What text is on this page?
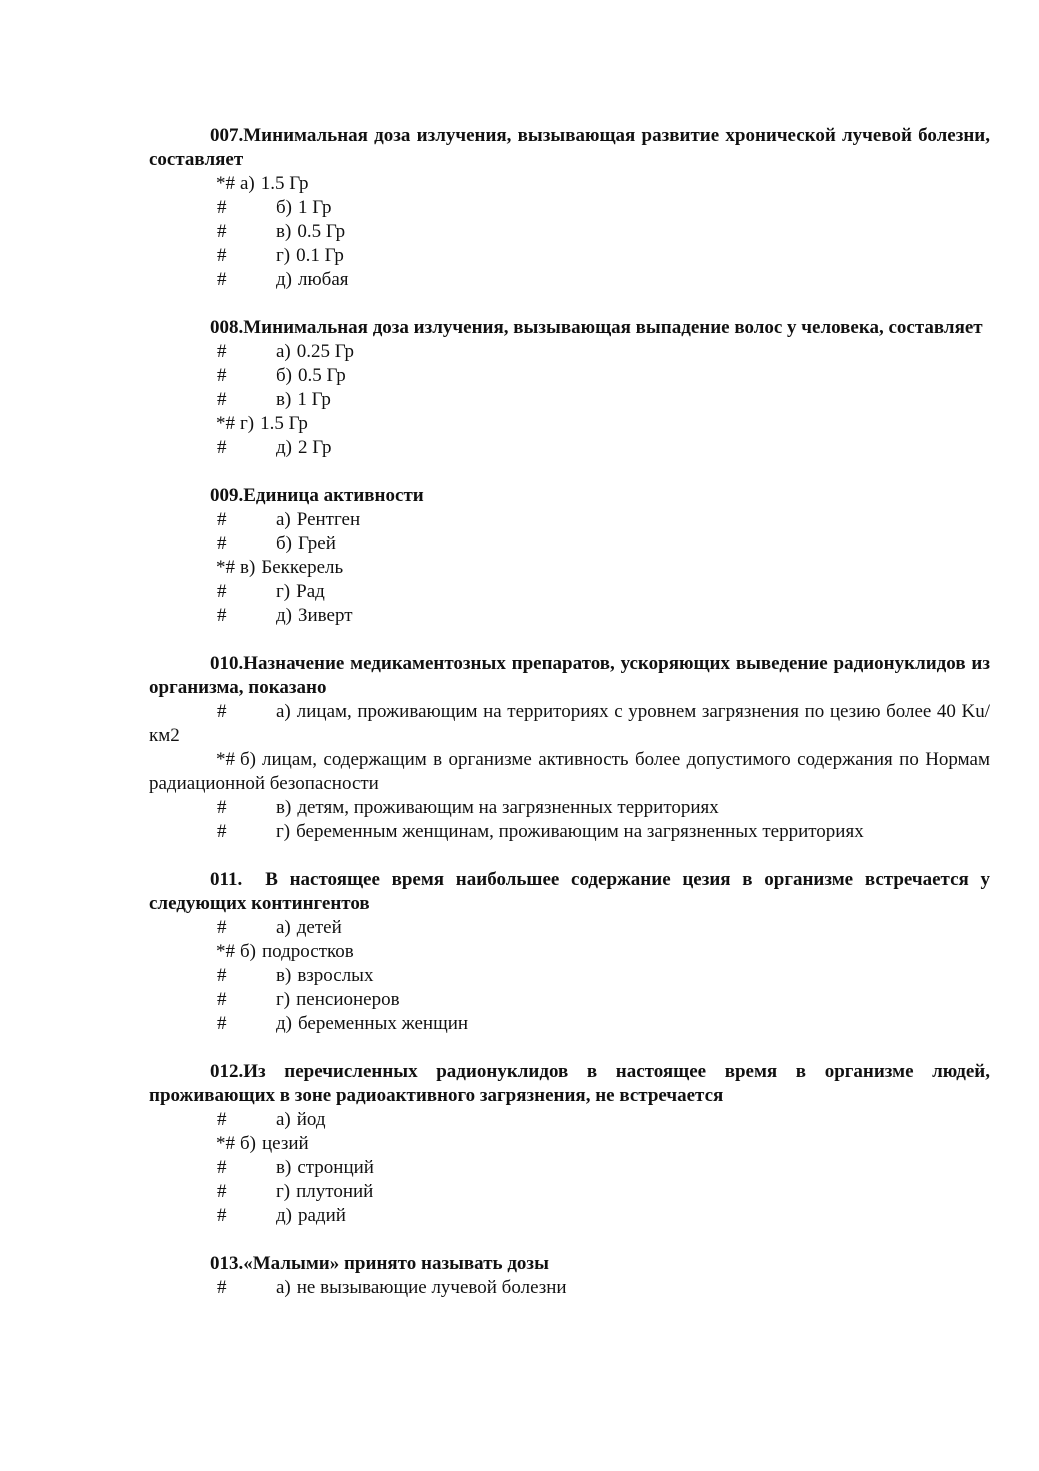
007.Минимальная доза излучения, вызывающая развитие хронической лучевой болезни, составляет
*# а) 1.5 Гр
#	б) 1 Гр
#	в) 0.5 Гр
#	г) 0.1 Гр
#	д) любая
008.Минимальная доза излучения, вызывающая выпадение волос у человека, составляет
#	а) 0.25 Гр
#	б) 0.5 Гр
#	в) 1 Гр
*# г) 1.5 Гр
#	д) 2 Гр
009.Единица активности
#	а) Рентген
#	б) Грей
*# в) Беккерель
#	г) Рад
#	д) Зиверт
010.Назначение медикаментозных препаратов, ускоряющих выведение радионуклидов из организма, показано
#	а) лицам, проживающим на территориях с уровнем загрязнения по цезию более 40 Ku/км2
*# б) лицам, содержащим в организме активность более допустимого содержания по Нормам радиационной безопасности
#	в) детям, проживающим на загрязненных территориях
#	г) беременным женщинам, проживающим на загрязненных территориях
011. В настоящее время наибольшее содержание цезия в организме встречается у следующих контингентов
#	а) детей
*# б) подростков
#	в) взрослых
#	г) пенсионеров
#	д) беременных женщин
012.Из перечисленных радионуклидов в настоящее время в организме людей, проживающих в зоне радиоактивного загрязнения, не встречается
#	а) йод
*# б) цезий
#	в) стронций
#	г) плутоний
#	д) радий
013.«Малыми» принято называть дозы
#	а) не вызывающие лучевой болезни
